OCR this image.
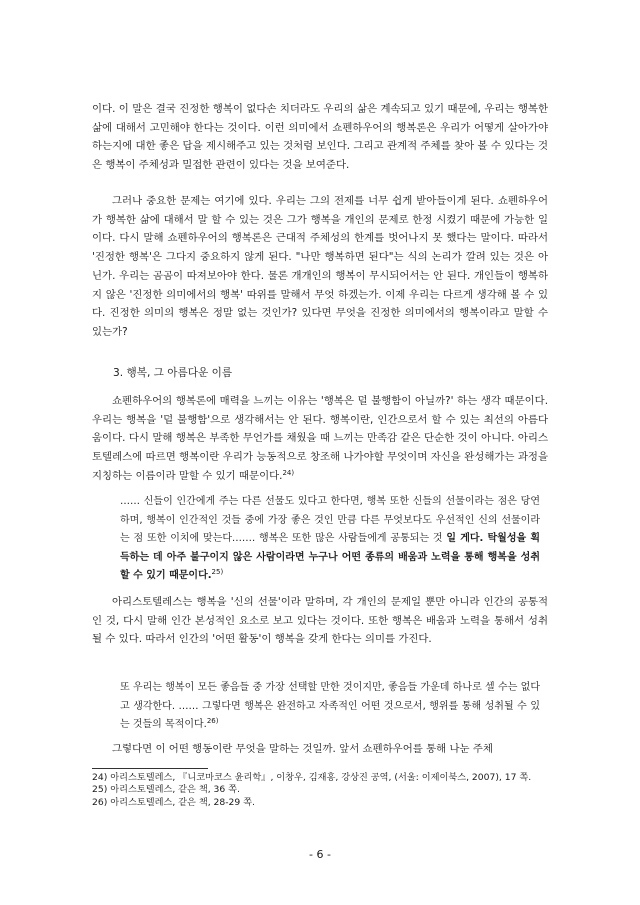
이다. 이 말은 결국 진정한 행복이 없다손 치더라도 우리의 삶은 계속되고 있기 때문에, 우리는 행복한 삶에 대해서 고민해야 한다는 것이다. 이런 의미에서 쇼펜하우어의 행복론은 우리가 어떻게 살아가야 하는지에 대한 좋은 답을 제시해주고 있는 것처럼 보인다. 그리고 관계적 주체를 찾아 볼 수 있다는 것은 행복이 주체성과 밀접한 관련이 있다는 것을 보여준다.

그러나 중요한 문제는 여기에 있다. 우리는 그의 전제를 너무 쉽게 받아들이게 된다. 쇼펜하우어가 행복한 삶에 대해서 말 할 수 있는 것은 그가 행복을 개인의 문제로 한정 시켰기 때문에 가능한 일이다. 다시 말해 쇼펜하우어의 행복론은 근대적 주체성의 한계를 벗어나지 못 했다는 말이다. 따라서 '진정한 행복'은 그다지 중요하지 않게 된다. "나만 행복하면 된다"는 식의 논리가 깔려 있는 것은 아닌가. 우리는 곰곰이 따져보아야 한다. 물론 개개인의 행복이 무시되어서는 안 된다. 개인들이 행복하지 않은 '진정한 의미에서의 행복' 따위를 말해서 무엇 하겠는가. 이제 우리는 다르게 생각해 볼 수 있다. 진정한 의미의 행복은 정말 없는 것인가? 있다면 무엇을 진정한 의미에서의 행복이라고 말할 수 있는가?

3. 행복, 그 아름다운 이름

쇼펜하우어의 행복론에 매력을 느끼는 이유는 '행복은 덜 불행함이 아닐까?' 하는 생각 때문이다. 우리는 행복을 '덜 불행함'으로 생각해서는 안 된다. 행복이란, 인간으로서 할 수 있는 최선의 아름다움이다. 다시 말해 행복은 부족한 무언가를 채웠을 때 느끼는 만족감 같은 단순한 것이 아니다. 아리스토텔레스에 따르면 행복이란 우리가 능동적으로 창조해 나가야할 무엇이며 자신을 완성해가는 과정을 지칭하는 이름이라 말할 수 있기 때문이다.$^{24)}$

…… 신들이 인간에게 주는 다른 선물도 있다고 한다면, 행복 또한 신들의 선물이라는 점은 당연하며, 행복이 인간적인 것들 중에 가장 좋은 것인 만큼 다른 무엇보다도 우선적인 신의 선물이라는 점 또한 이치에 맞는다.…… 행복은 또한 많은 사람들에게 공통되는 것 일 게다. 탁월성을 획득하는 데 아주 불구이지 않은 사람이라면 누구나 어떤 종류의 배움과 노력을 통해 행복을 성취할 수 있기 때문이다.$^{25)}$

아리스토텔레스는 행복을 '신의 선물'이라 말하며, 각 개인의 문제일 뿐만 아니라 인간의 공통적인 것, 다시 말해 인간 본성적인 요소로 보고 있다는 것이다. 또한 행복은 배움과 노력을 통해서 성취될 수 있다. 따라서 인간의 '어떤 활동'이 행복을 갖게 한다는 의미를 가진다.

또 우리는 행복이 모든 좋음들 중 가장 선택할 만한 것이지만, 좋음들 가운데 하나로 셀 수는 없다고 생각한다. …… 그렇다면 행복은 완전하고 자족적인 어떤 것으로서, 행위를 통해 성취될 수 있는 것들의 목적이다.$^{26)}$

그렇다면 이 어떤 행동이란 무엇을 말하는 것일까. 앞서 쇼펜하우어를 통해 나눈 주체

24) 아리스토텔레스, 『니코마코스 윤리학』, 이창우, 김재홍, 강상진 공역, (서울: 이제이북스, 2007), 17 쪽.
25) 아리스토텔레스, 같은 책, 36 쪽.
26) 아리스토텔레스, 같은 책, 28-29 쪽.
- 6 -
